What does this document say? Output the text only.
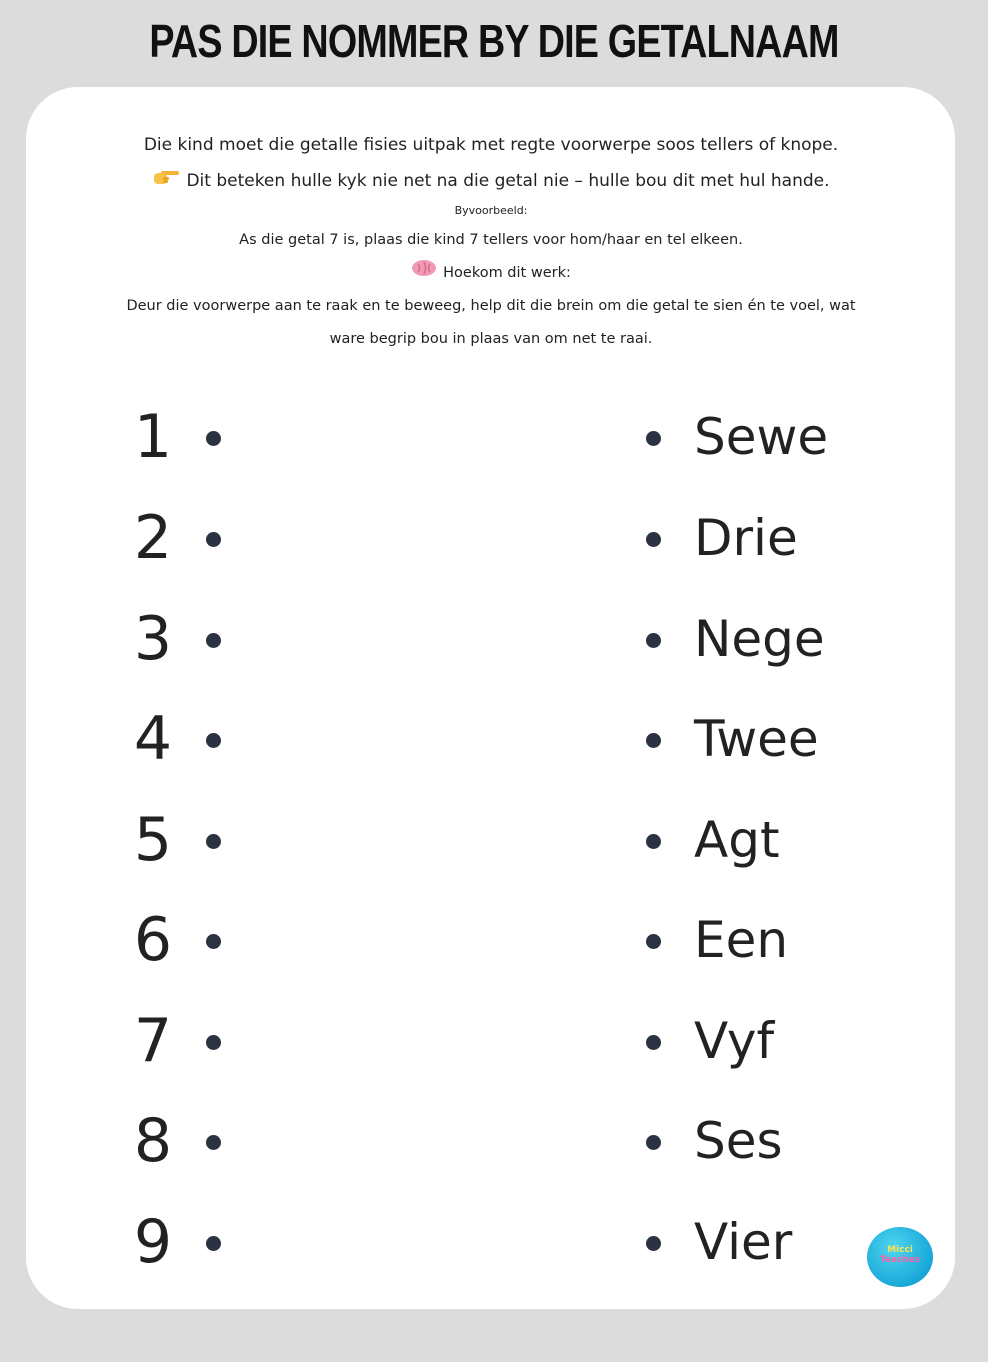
PAS DIE NOMMER BY DIE GETALNAAM
Die kind moet die getalle fisies uitpak met regte voorwerpe soos tellers of knope.
Dit beteken hulle kyk nie net na die getal nie – hulle bou dit met hul hande.
Byvoorbeeld:
As die getal 7 is, plaas die kind 7 tellers voor hom/haar en tel elkeen.
Hoekom dit werk:
Deur die voorwerpe aan te raak en te beweeg, help dit die brein om die getal te sien én te voel, wat
ware begrip bou in plaas van om net te raai.
1	Sewe
2	Drie
3	Nege
4	Twee
5	Agt
6	Een
7	Vyf
8	Ses
9	Vier	Micci
Teaches
